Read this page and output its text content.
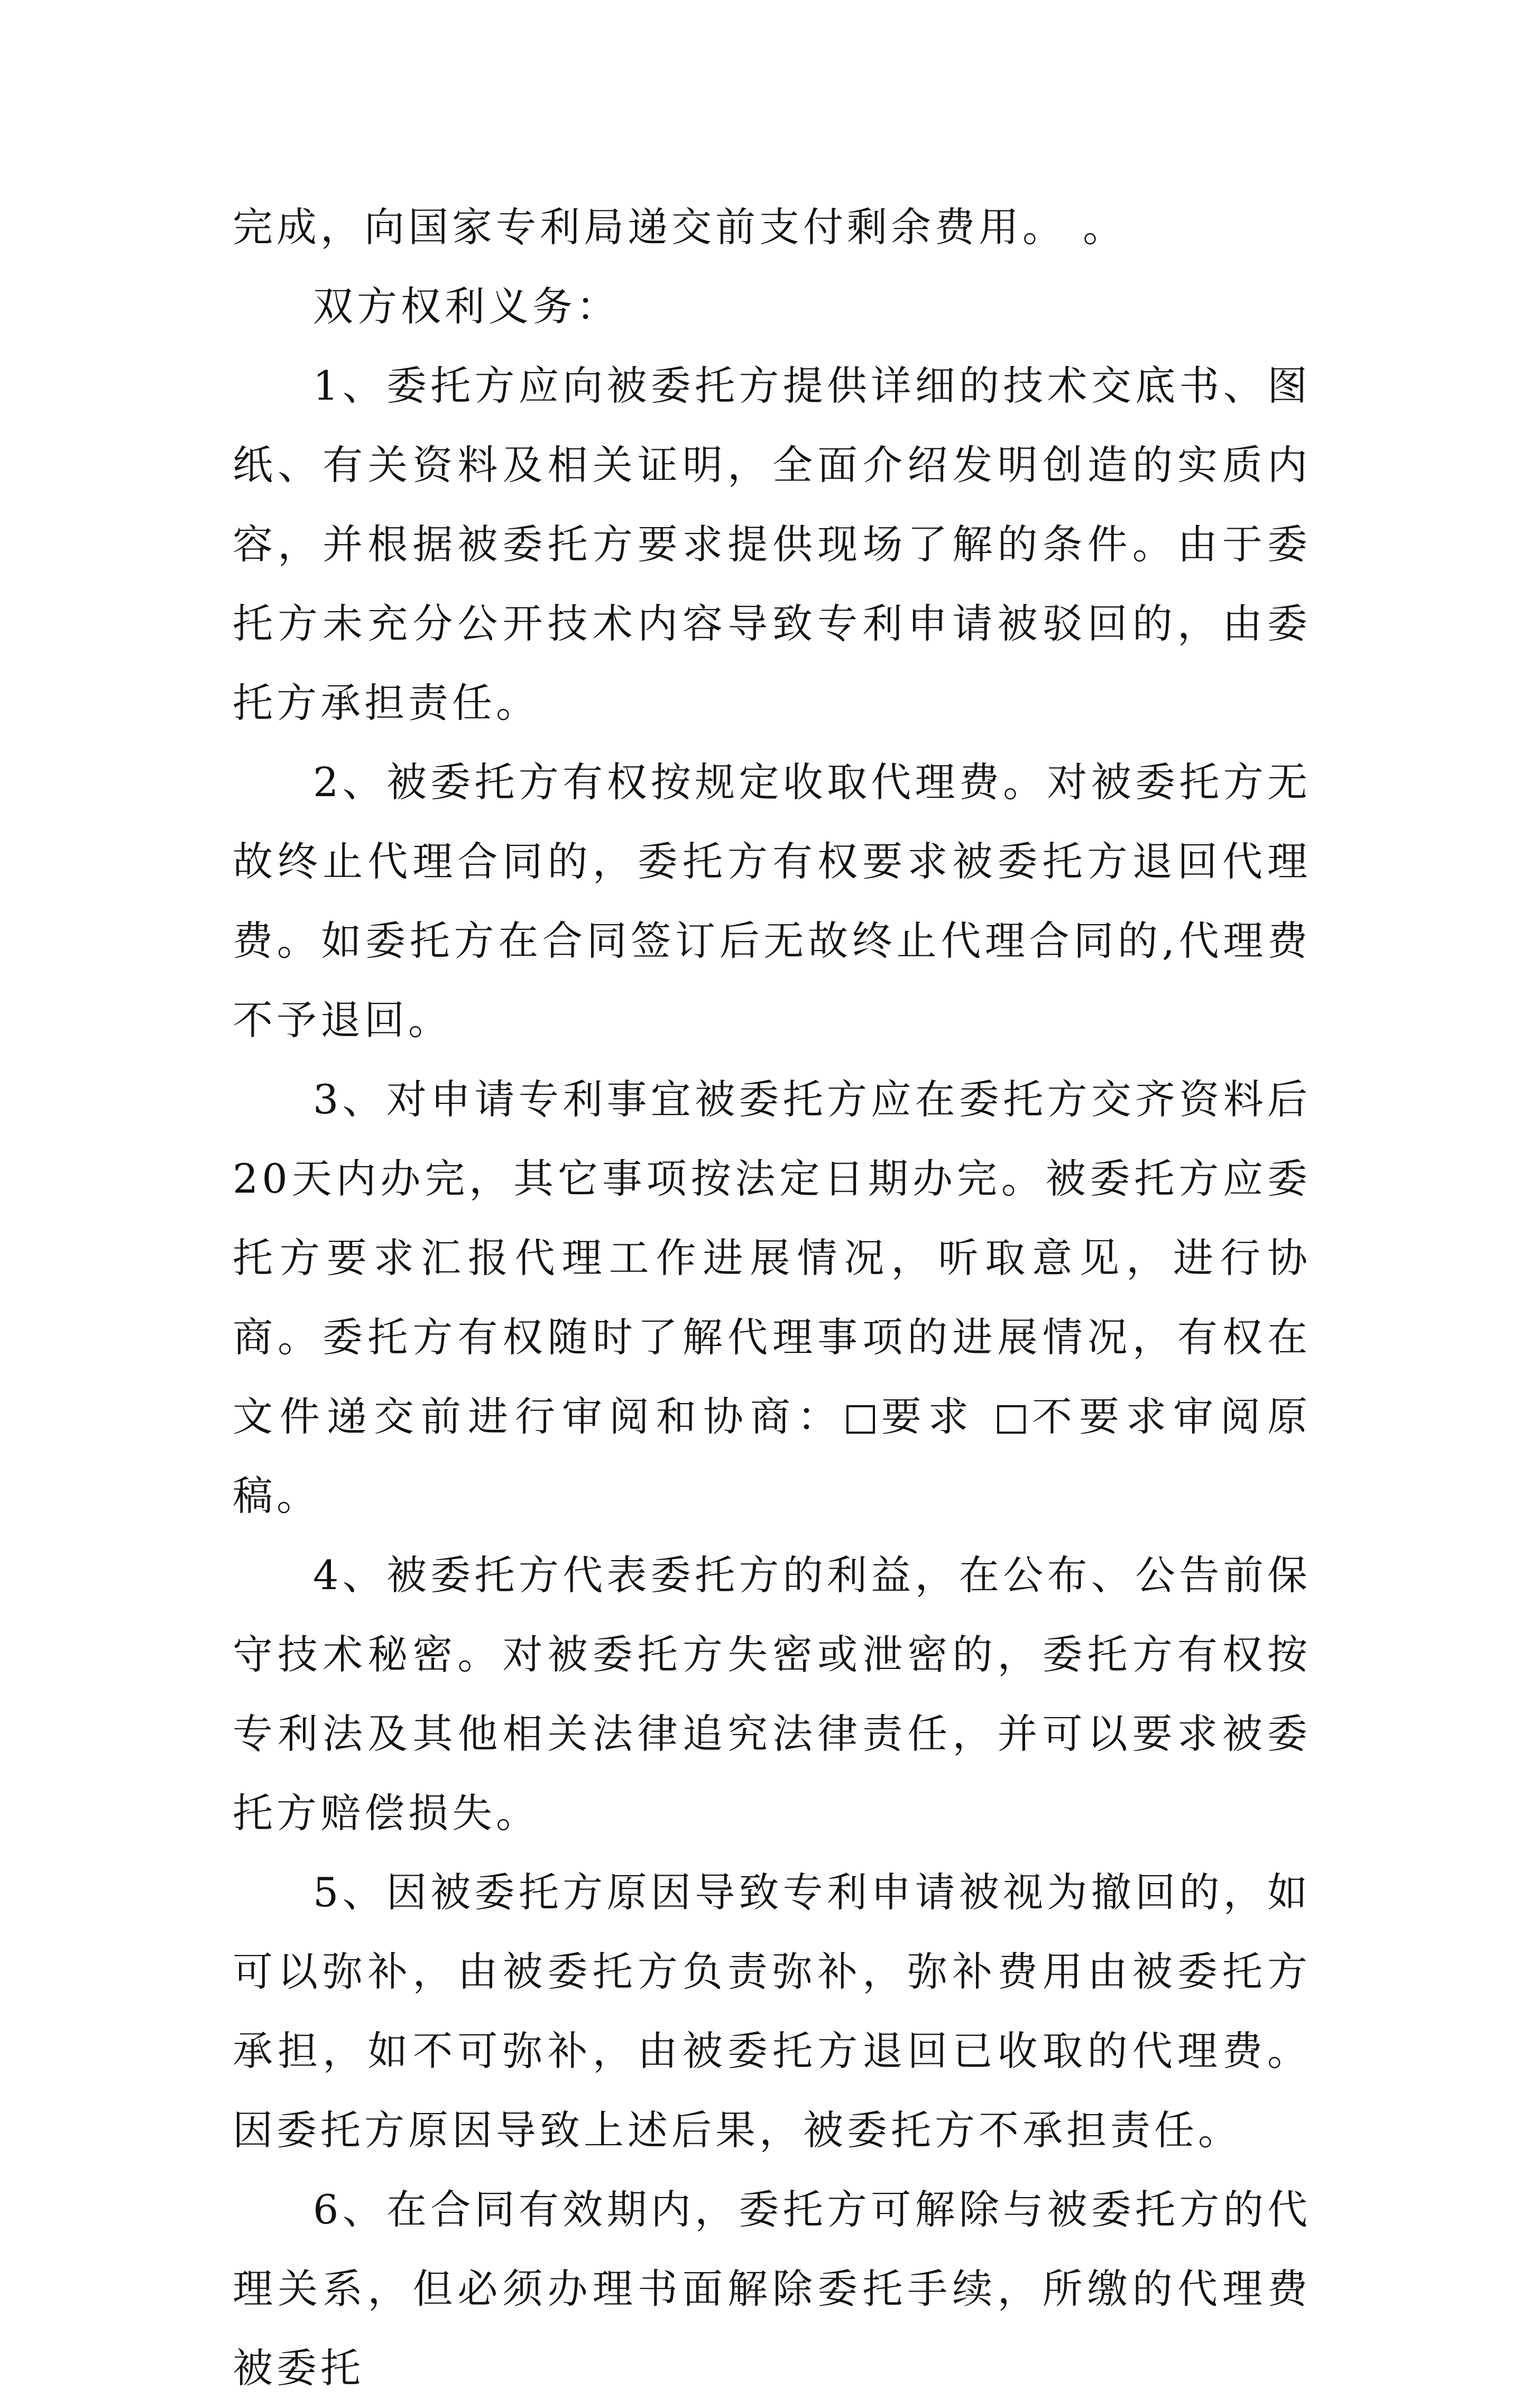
完成，向国家专利局递交前支付剩余费用。 。

双方权利义务：

1、委托方应向被委托方提供详细的技术交底书、图纸、有关资料及相关证明，全面介绍发明创造的实质内容，并根据被委托方要求提供现场了解的条件。由于委托方未充分公开技术内容导致专利申请被驳回的，由委托方承担责任。

2、被委托方有权按规定收取代理费。对被委托方无故终止代理合同的，委托方有权要求被委托方退回代理费。如委托方在合同签订后无故终止代理合同的,代理费不予退回。

3、对申请专利事宜被委托方应在委托方交齐资料后20天内办完，其它事项按法定日期办完。被委托方应委托方要求汇报代理工作进展情况，听取意见，进行协商。委托方有权随时了解代理事项的进展情况，有权在文件递交前进行审阅和协商： 要求 不要求审阅原稿。

4、被委托方代表委托方的利益，在公布、公告前保守技术秘密。对被委托方失密或泄密的，委托方有权按专利法及其他相关法律追究法律责任，并可以要求被委托方赔偿损失。

5、因被委托方原因导致专利申请被视为撤回的，如可以弥补，由被委托方负责弥补，弥补费用由被委托方承担，如不可弥补，由被委托方退回已收取的代理费。因委托方原因导致上述后果，被委托方不承担责任。

6、在合同有效期内，委托方可解除与被委托方的代理关系，但必须办理书面解除委托手续，所缴的代理费被委托
